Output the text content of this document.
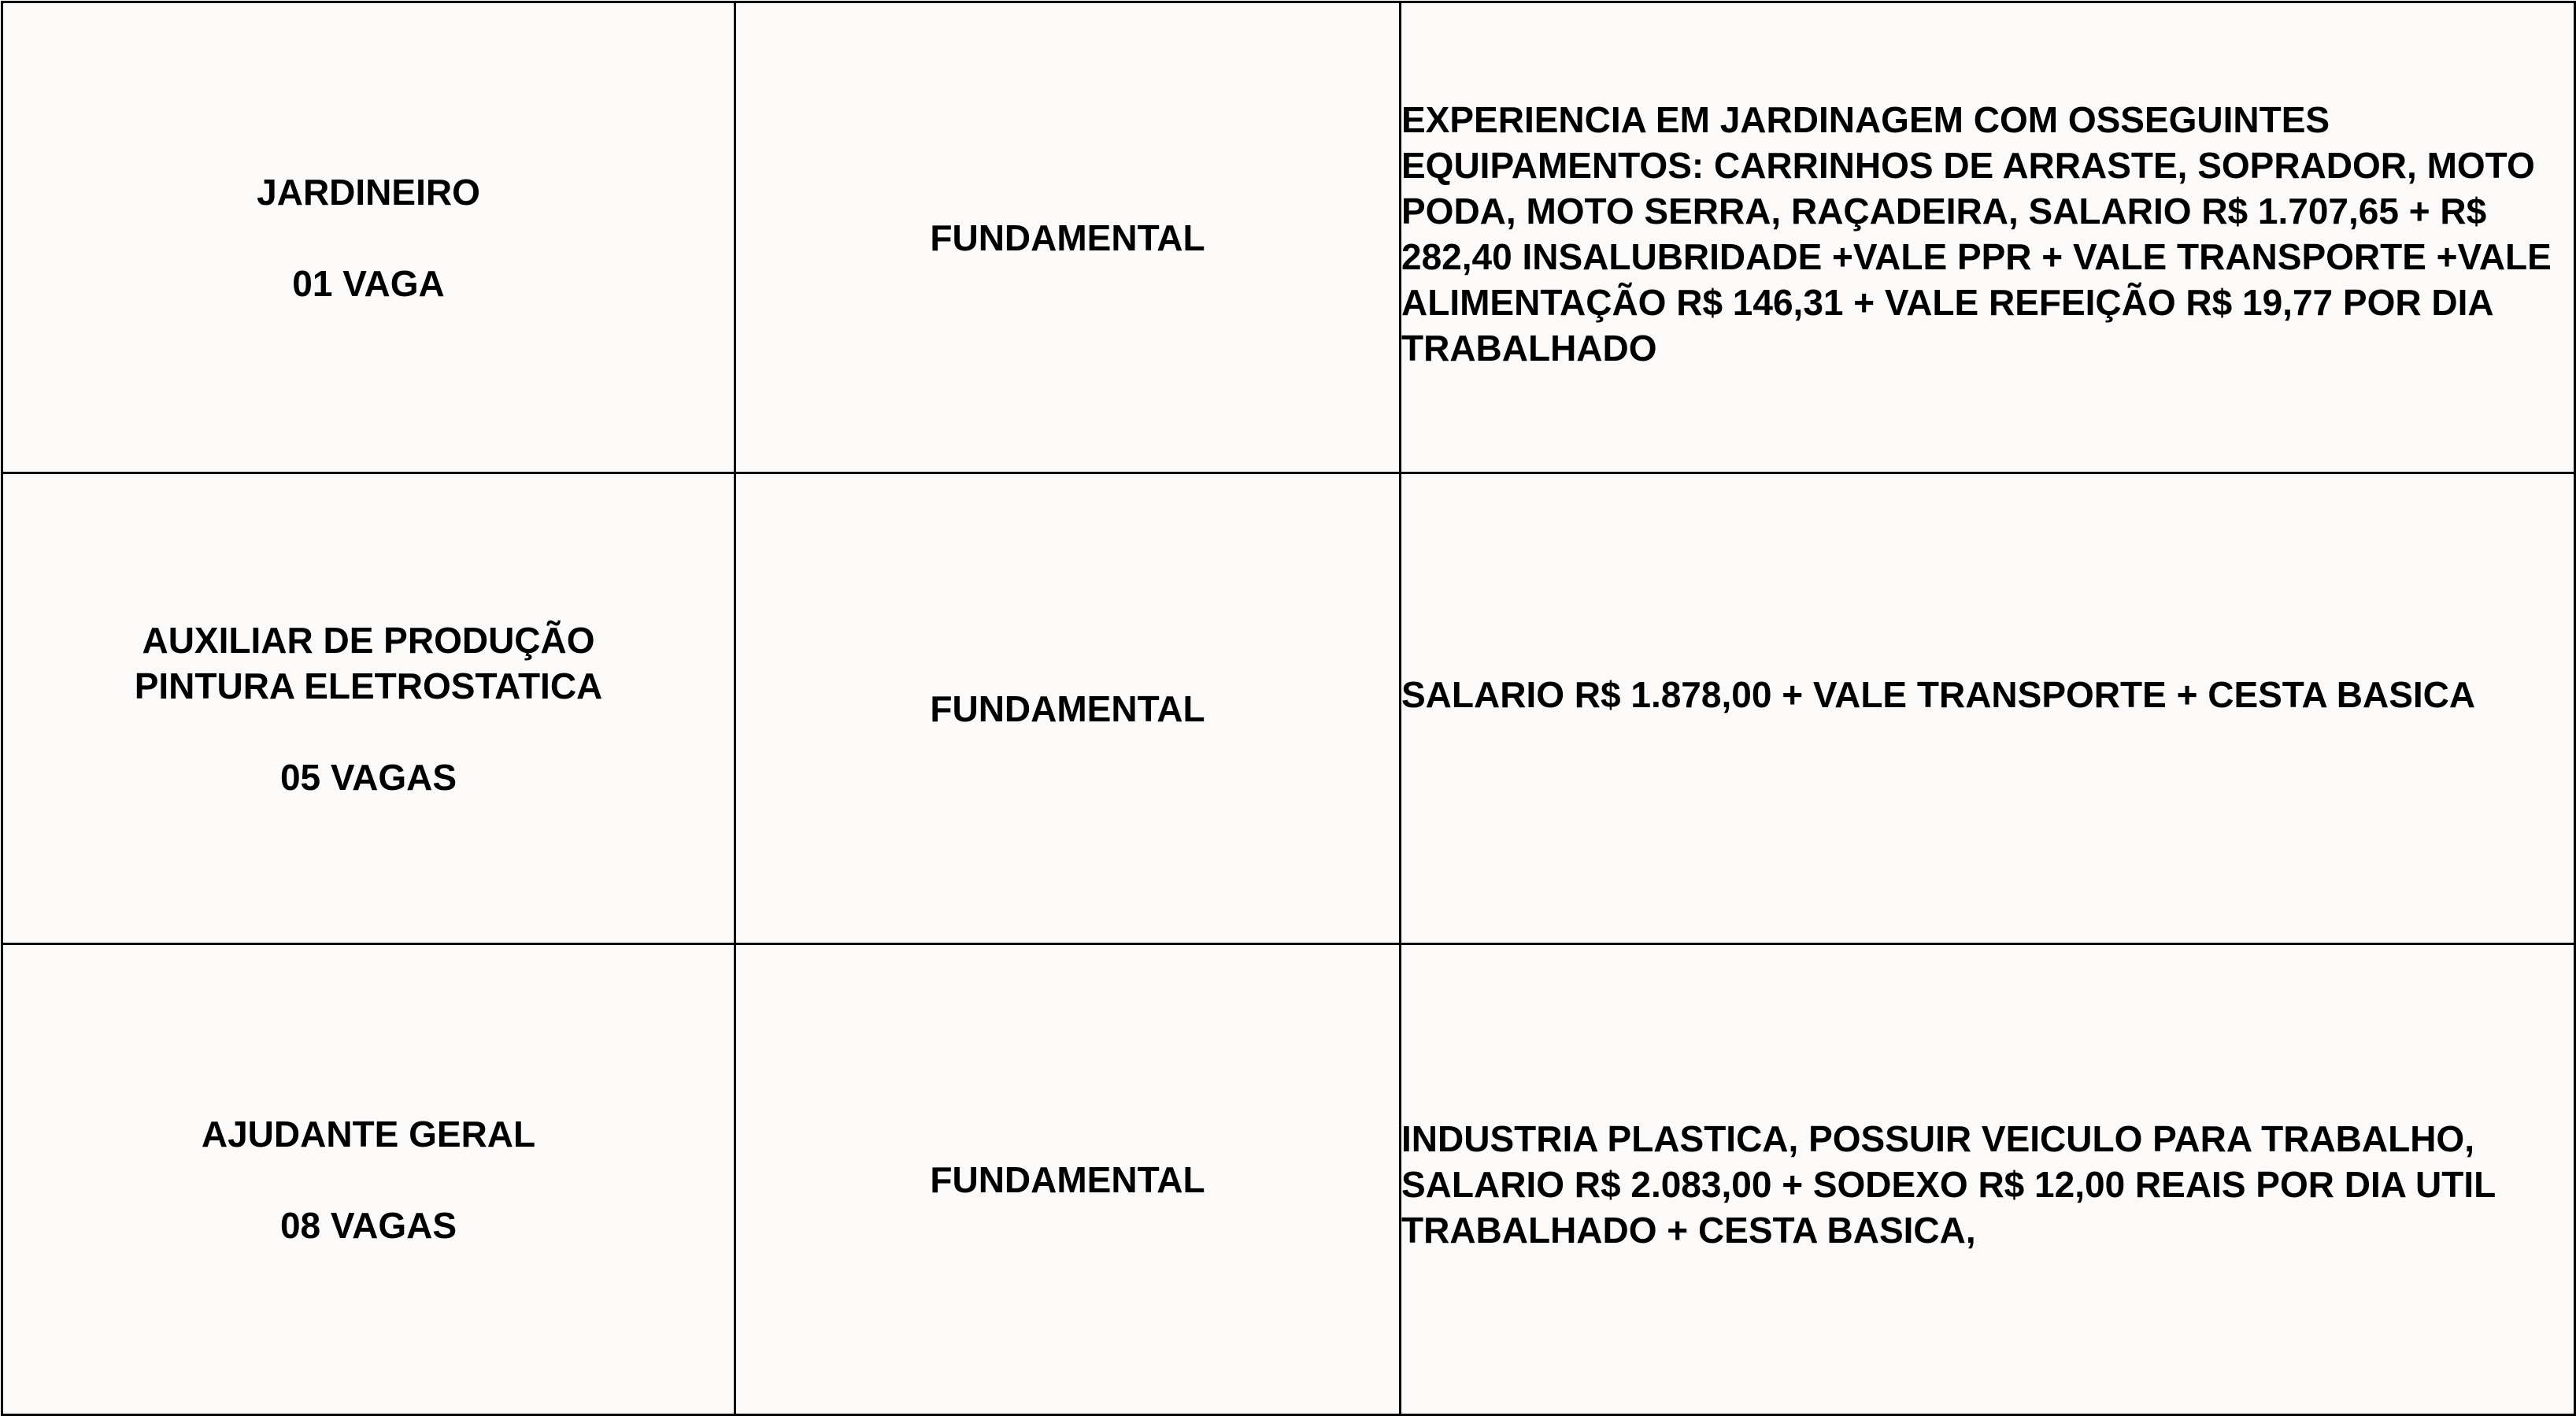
JARDINEIRO
01 VAGA	FUNDAMENTAL	EXPERIENCIA EM JARDINAGEM COM OSSEGUINTES EQUIPAMENTOS: CARRINHOS DE ARRASTE, SOPRADOR, MOTO PODA, MOTO SERRA, RAÇADEIRA, SALARIO R$ 1.707,65 + R$ 282,40 INSALUBRIDADE +VALE PPR + VALE TRANSPORTE +VALE ALIMENTAÇÃO R$ 146,31 + VALE REFEIÇÃO R$ 19,77 POR DIA TRABALHADO

AUXILIAR DE PRODUÇÃO PINTURA ELETROSTATICA
05 VAGAS	FUNDAMENTAL	SALARIO R$ 1.878,00 + VALE TRANSPORTE + CESTA BASICA

AJUDANTE GERAL
08 VAGAS	FUNDAMENTAL	INDUSTRIA PLASTICA, POSSUIR VEICULO PARA TRABALHO, SALARIO R$ 2.083,00 + SODEXO R$ 12,00 REAIS POR DIA UTIL TRABALHADO + CESTA BASICA,
